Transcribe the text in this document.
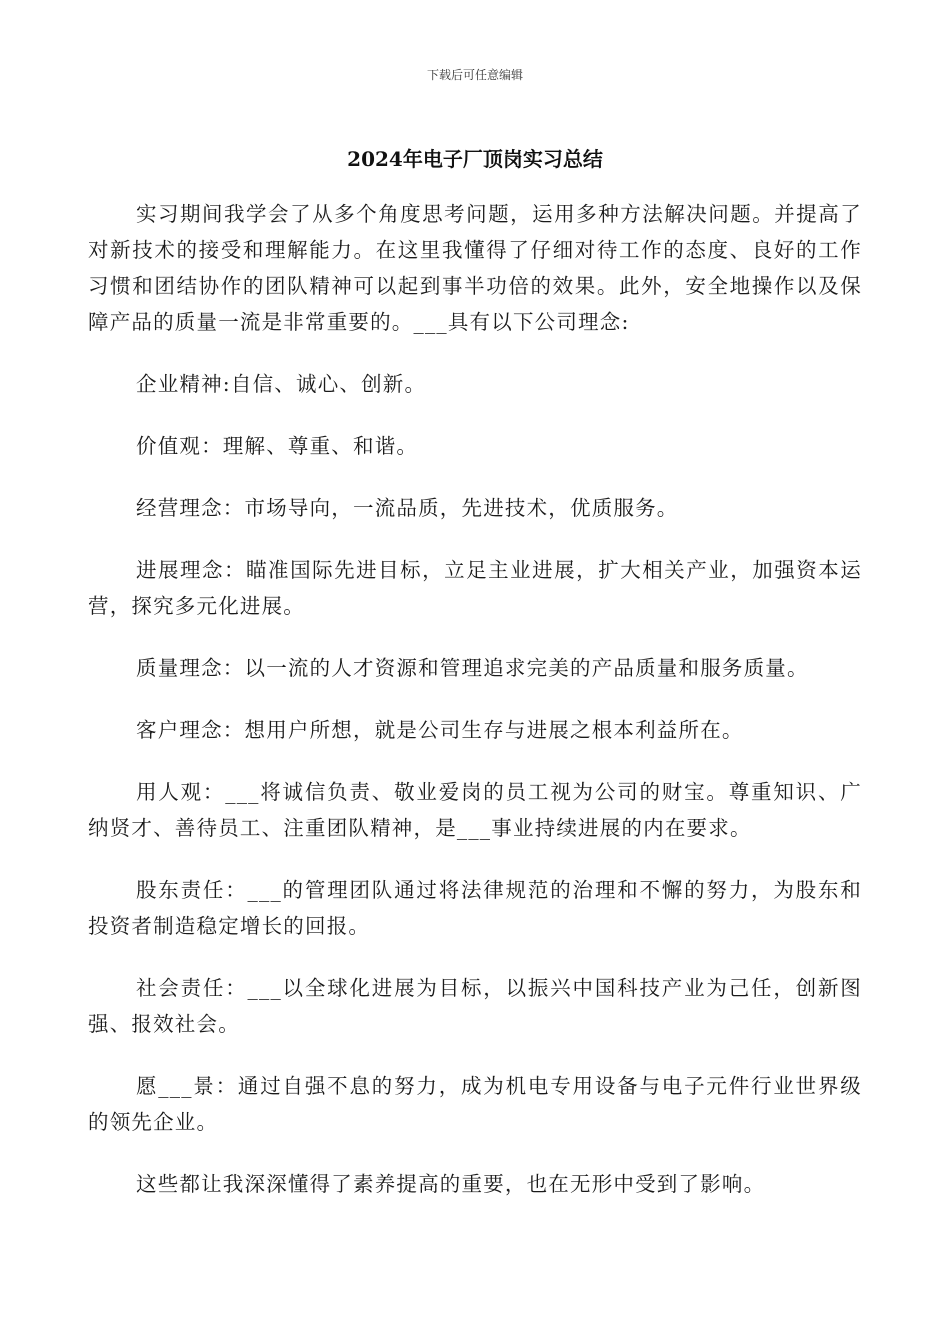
下载后可任意编辑
2024年电子厂顶岗实习总结

实习期间我学会了从多个角度思考问题，运用多种方法解决问题。并提高了对新技术的接受和理解能力。在这里我懂得了仔细对待工作的态度、良好的工作习惯和团结协作的团队精神可以起到事半功倍的效果。此外，安全地操作以及保障产品的质量一流是非常重要的。___具有以下公司理念:

企业精神:自信、诚心、创新。

价值观：理解、尊重、和谐。

经营理念：市场导向，一流品质，先进技术，优质服务。

进展理念：瞄准国际先进目标，立足主业进展，扩大相关产业，加强资本运营，探究多元化进展。

质量理念：以一流的人才资源和管理追求完美的产品质量和服务质量。

客户理念：想用户所想，就是公司生存与进展之根本利益所在。

用人观：___将诚信负责、敬业爱岗的员工视为公司的财宝。尊重知识、广纳贤才、善待员工、注重团队精神，是___事业持续进展的内在要求。

股东责任：___的管理团队通过将法律规范的治理和不懈的努力，为股东和投资者制造稳定增长的回报。

社会责任：___以全球化进展为目标，以振兴中国科技产业为己任，创新图强、报效社会。

愿___景：通过自强不息的努力，成为机电专用设备与电子元件行业世界级的领先企业。

这些都让我深深懂得了素养提高的重要，也在无形中受到了影响。
